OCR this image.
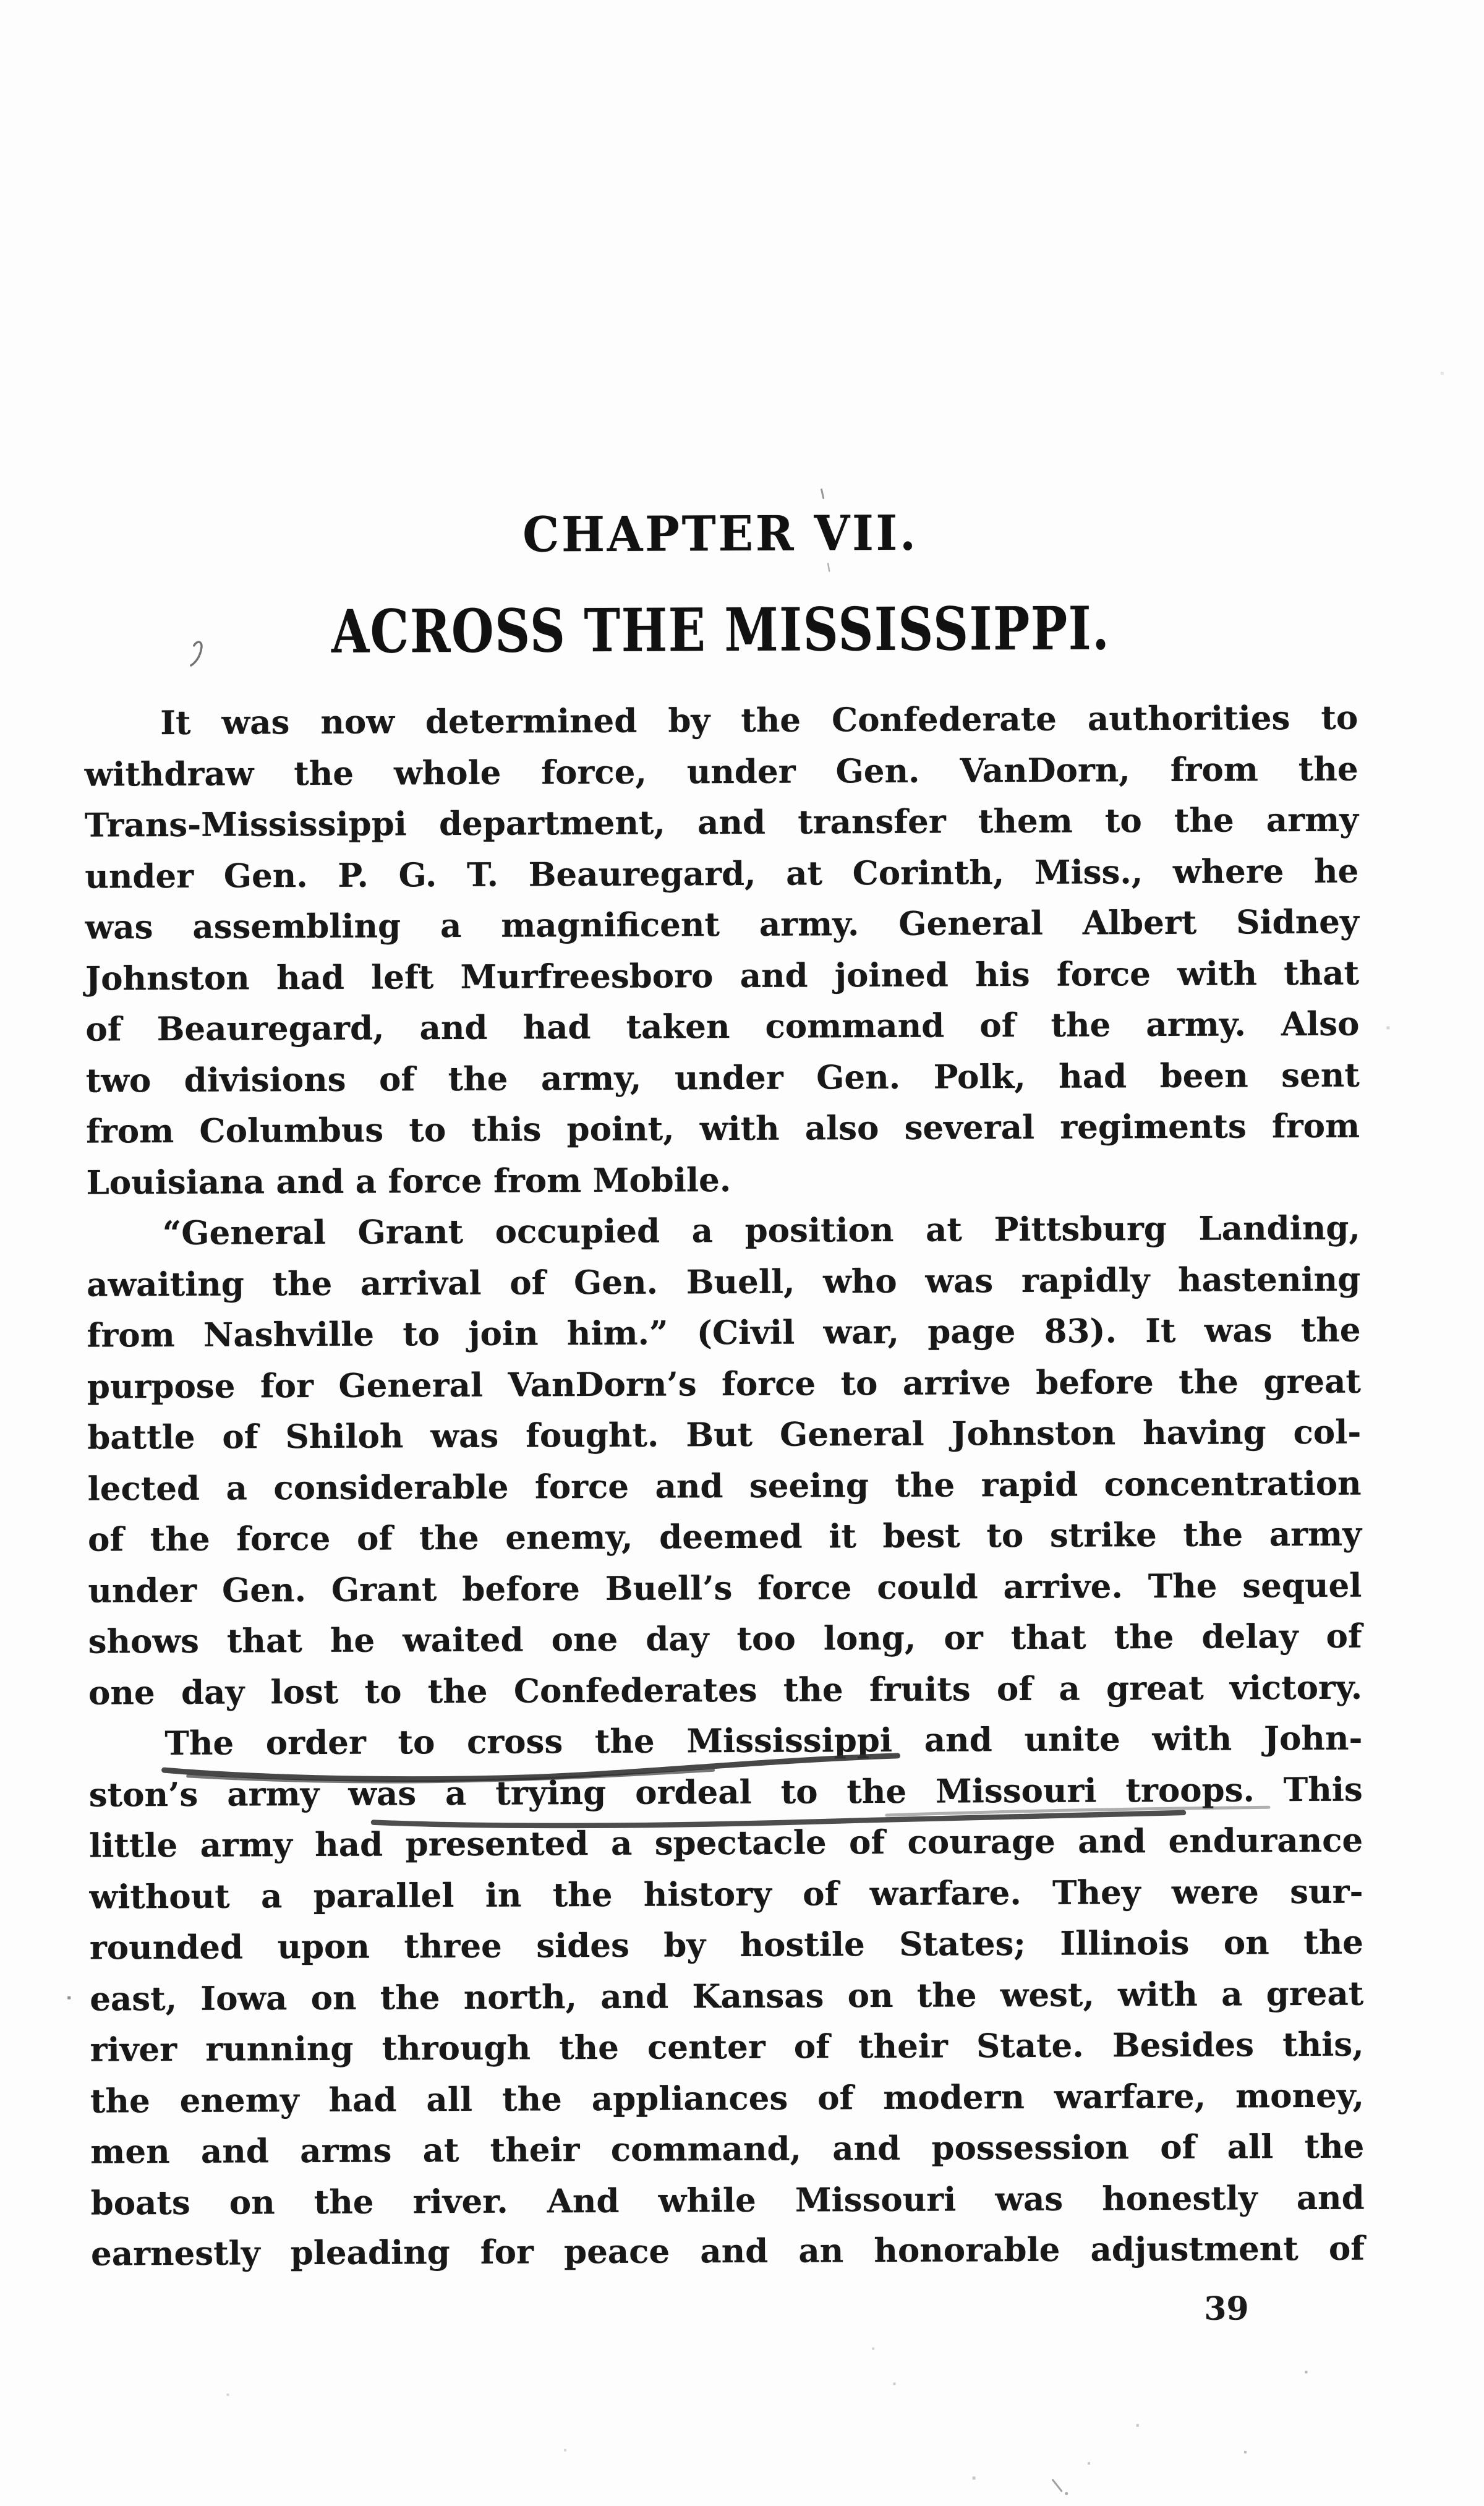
CHAPTER VII.
ACROSS THE MISSISSIPPI.
It was now determined by the Confederate authorities to
withdraw the whole force, under Gen. VanDorn, from the
Trans-Mississippi department, and transfer them to the army
under Gen. P. G. T. Beauregard, at Corinth, Miss., where he
was assembling a magnificent army. General Albert Sidney
Johnston had left Murfreesboro and joined his force with that
of Beauregard, and had taken command of the army. Also
two divisions of the army, under Gen. Polk, had been sent
from Columbus to this point, with also several regiments from
Louisiana and a force from Mobile.
“General Grant occupied a position at Pittsburg Landing,
awaiting the arrival of Gen. Buell, who was rapidly hastening
from Nashville to join him.” (Civil war, page 83). It was the
purpose for General VanDorn’s force to arrive before the great
battle of Shiloh was fought. But General Johnston having col-
lected a considerable force and seeing the rapid concentration
of the force of the enemy, deemed it best to strike the army
under Gen. Grant before Buell’s force could arrive. The sequel
shows that he waited one day too long, or that the delay of
one day lost to the Confederates the fruits of a great victory.
The order to cross the Mississippi and unite with John-
ston’s army was a trying ordeal to the Missouri troops. This
little army had presented a spectacle of courage and endurance
without a parallel in the history of warfare. They were sur-
rounded upon three sides by hostile States; Illinois on the
east, Iowa on the north, and Kansas on the west, with a great
river running through the center of their State. Besides this,
the enemy had all the appliances of modern warfare, money,
men and arms at their command, and possession of all the
boats on the river. And while Missouri was honestly and
earnestly pleading for peace and an honorable adjustment of
39
